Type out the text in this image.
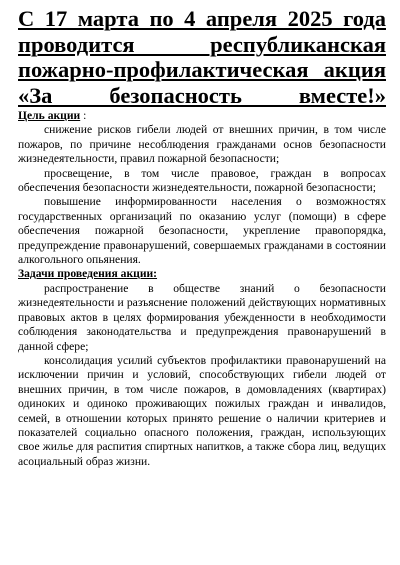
С 17 марта по 4 апреля 2025 года
проводится республиканская
пожарно-профилактическая акция
«За безопасность вместе!»

Цель акции :

снижение рисков гибели людей от внешних причин, в том числе пожаров, по причине несоблюдения гражданами основ безопасности жизнедеятельности, правил пожарной безопасности;

просвещение, в том числе правовое, граждан в вопросах обеспечения безопасности жизнедеятельности, пожарной безопасности;

повышение информированности населения о возможностях государственных организаций по оказанию услуг (помощи) в сфере обеспечения пожарной безопасности, укрепление правопорядка, предупреждение правонарушений, совершаемых гражданами в состоянии алкогольного опьянения.

Задачи проведения акции:

распространение в обществе знаний о безопасности жизнедеятельности и разъяснение положений действующих нормативных правовых актов в целях формирования убежденности в необходимости соблюдения законодательства и предупреждения правонарушений в данной сфере;

консолидация усилий субъектов профилактики правонарушений на исключении причин и условий, способствующих гибели людей от внешних причин, в том числе пожаров, в домовладениях (квартирах) одиноких и одиноко проживающих пожилых граждан и инвалидов, семей, в отношении которых принято решение о наличии критериев и показателей социально опасного положения, граждан, использующих свое жилье для распития спиртных напитков, а также сбора лиц, ведущих асоциальный образ жизни.
